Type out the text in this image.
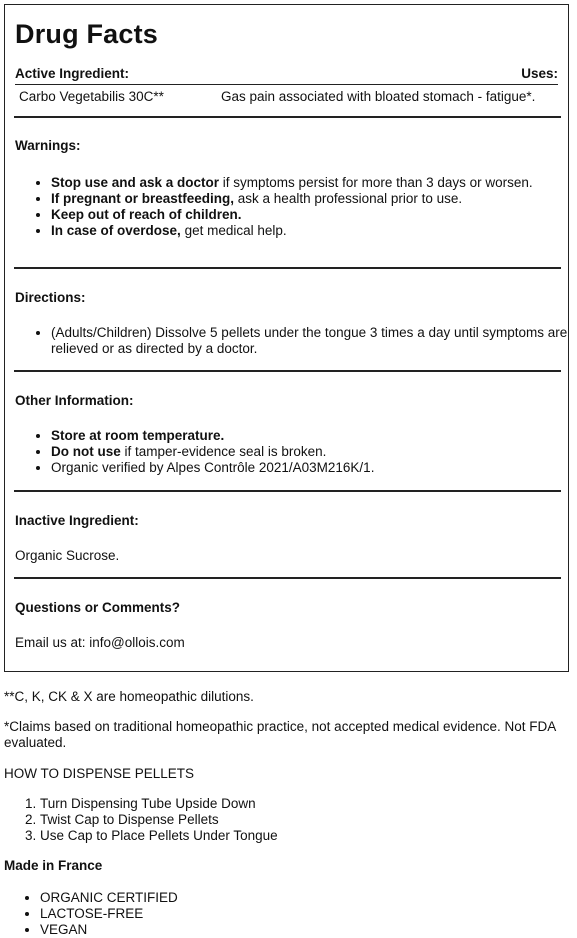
Drug Facts
Active Ingredient:	Uses:
Carbo Vegetabilis 30C**	Gas pain associated with bloated stomach - fatigue*.
Warnings:
• Stop use and ask a doctor if symptoms persist for more than 3 days or worsen.
• If pregnant or breastfeeding, ask a health professional prior to use.
• Keep out of reach of children.
• In case of overdose, get medical help.
Directions:
• (Adults/Children) Dissolve 5 pellets under the tongue 3 times a day until symptoms are relieved or as directed by a doctor.
Other Information:
• Store at room temperature.
• Do not use if tamper-evidence seal is broken.
• Organic verified by Alpes Contrôle 2021/A03M216K/1.
Inactive Ingredient:
Organic Sucrose.
Questions or Comments?
Email us at: info@ollois.com
**C, K, CK & X are homeopathic dilutions.
*Claims based on traditional homeopathic practice, not accepted medical evidence. Not FDA evaluated.
HOW TO DISPENSE PELLETS
1. Turn Dispensing Tube Upside Down
2. Twist Cap to Dispense Pellets
3. Use Cap to Place Pellets Under Tongue
Made in France
• ORGANIC CERTIFIED
• LACTOSE-FREE
• VEGAN
